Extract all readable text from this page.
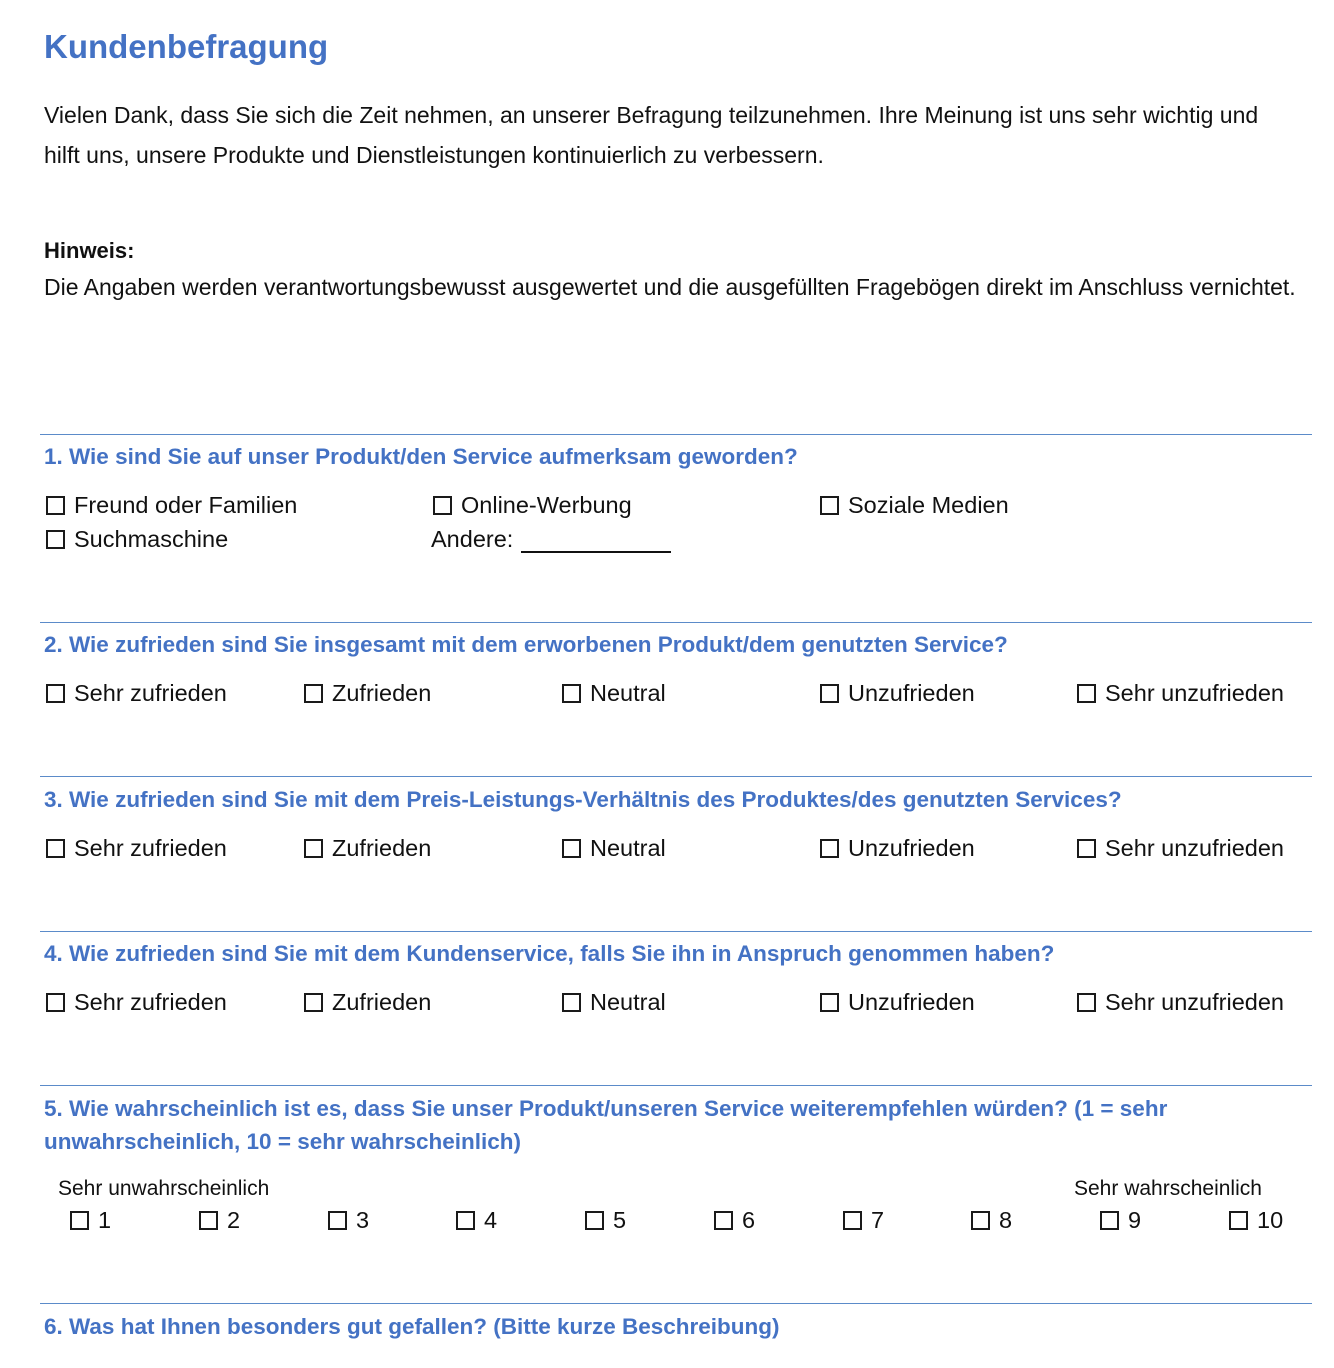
Kundenbefragung

Vielen Dank, dass Sie sich die Zeit nehmen, an unserer Befragung teilzunehmen. Ihre Meinung ist uns sehr wichtig und hilft uns, unsere Produkte und Dienstleistungen kontinuierlich zu verbessern.

Hinweis:

Die Angaben werden verantwortungsbewusst ausgewertet und die ausgefüllten Fragebögen direkt im Anschluss vernichtet.

1. Wie sind Sie auf unser Produkt/den Service aufmerksam geworden?

Freund oder Familien	Online-Werbung	Soziale Medien
Suchmaschine	Andere:

2. Wie zufrieden sind Sie insgesamt mit dem erworbenen Produkt/dem genutzten Service?

Sehr zufrieden	Zufrieden	Neutral	Unzufrieden	Sehr unzufrieden

3. Wie zufrieden sind Sie mit dem Preis-Leistungs-Verhältnis des Produktes/des genutzten Services?

Sehr zufrieden	Zufrieden	Neutral	Unzufrieden	Sehr unzufrieden

4. Wie zufrieden sind Sie mit dem Kundenservice, falls Sie ihn in Anspruch genommen haben?

Sehr zufrieden	Zufrieden	Neutral	Unzufrieden	Sehr unzufrieden

5. Wie wahrscheinlich ist es, dass Sie unser Produkt/unseren Service weiterempfehlen würden? (1 = sehr unwahrscheinlich, 10 = sehr wahrscheinlich)

Sehr unwahrscheinlich	Sehr wahrscheinlich
1	2	3	4	5	6	7	8	9	10

6. Was hat Ihnen besonders gut gefallen? (Bitte kurze Beschreibung)
